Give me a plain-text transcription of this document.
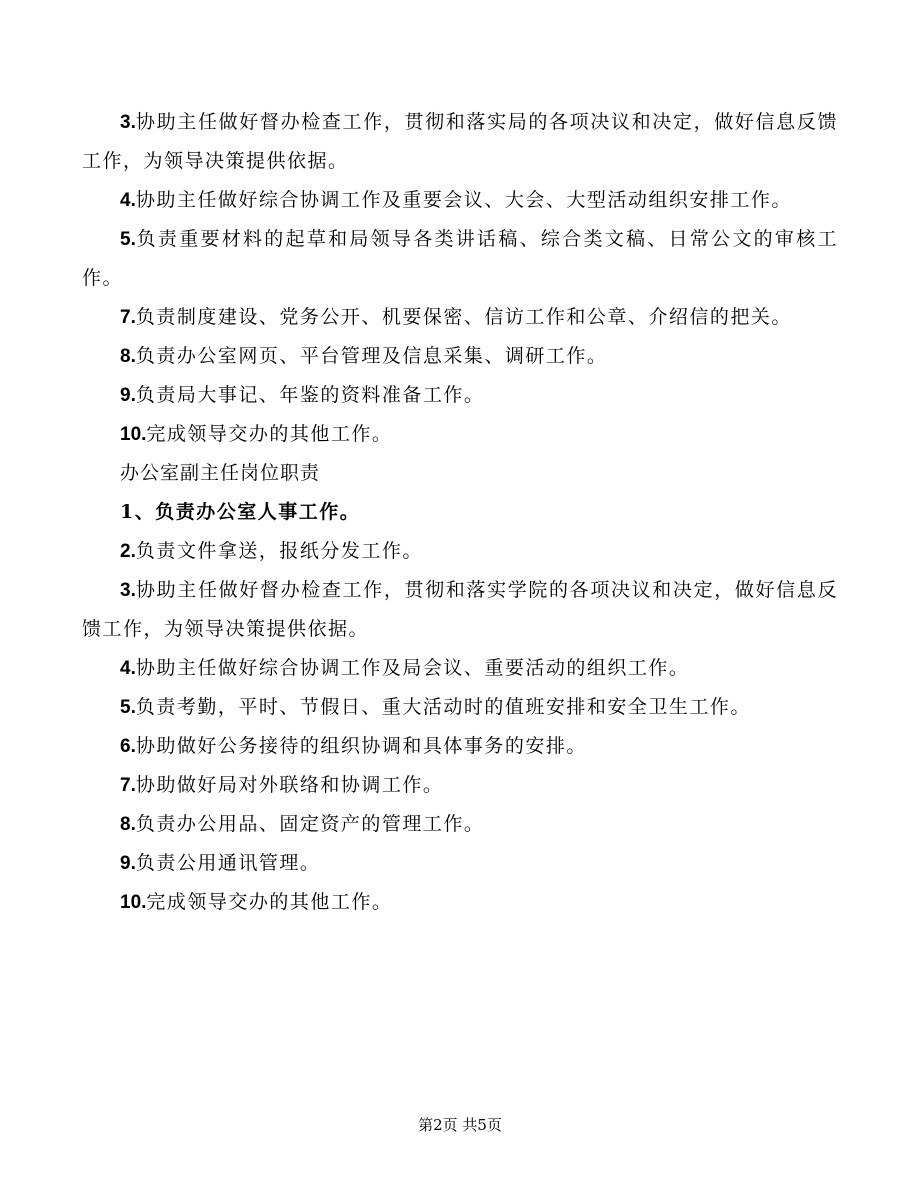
3.协助主任做好督办检查工作，贯彻和落实局的各项决议和决定，做好信息反馈工作，为领导决策提供依据。

4.协助主任做好综合协调工作及重要会议、大会、大型活动组织安排工作。

5.负责重要材料的起草和局领导各类讲话稿、综合类文稿、日常公文的审核工作。

7.负责制度建设、党务公开、机要保密、信访工作和公章、介绍信的把关。

8.负责办公室网页、平台管理及信息采集、调研工作。

9.负责局大事记、年鉴的资料准备工作。

10.完成领导交办的其他工作。

办公室副主任岗位职责

1、负责办公室人事工作。

2.负责文件拿送，报纸分发工作。

3.协助主任做好督办检查工作，贯彻和落实学院的各项决议和决定，做好信息反馈工作，为领导决策提供依据。

4.协助主任做好综合协调工作及局会议、重要活动的组织工作。

5.负责考勤，平时、节假日、重大活动时的值班安排和安全卫生工作。

6.协助做好公务接待的组织协调和具体事务的安排。

7.协助做好局对外联络和协调工作。

8.负责办公用品、固定资产的管理工作。

9.负责公用通讯管理。

10.完成领导交办的其他工作。

第2页 共5页
